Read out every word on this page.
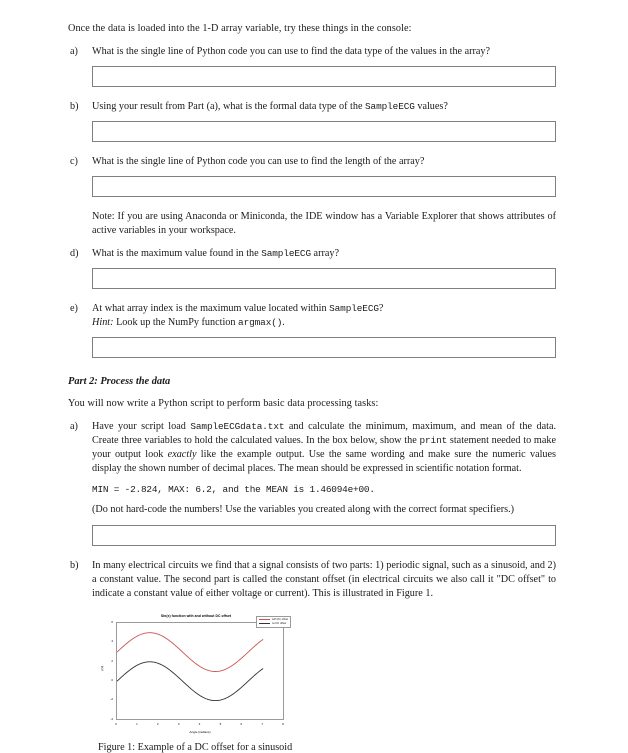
Once the data is loaded into the 1-D array variable, try these things in the console:

a)	What is the single line of Python code you can use to find the data type of the values in the array?
b)	Using your result from Part (a), what is the formal data type of the SampleECG values?
c)	What is the single line of Python code you can use to find the length of the array?

Note: If you are using Anaconda or Miniconda, the IDE window has a Variable Explorer that shows attributes of active variables in your workspace.

d)	What is the maximum value found in the SampleECG array?
e)	At what array index is the maximum value located within SampleECG?
Hint: Look up the NumPy function argmax().

Part 2: Process the data

You will now write a Python script to perform basic data processing tasks:

a)	Have your script load SampleECGdata.txt and calculate the minimum, maximum, and mean of the data. Create three variables to hold the calculated values. In the box below, show the print statement needed to make your output look exactly like the example output. Use the same wording and make sure the numeric values display the shown number of decimal places. The mean should be expressed in scientific notation format.
MIN = -2.824, MAX: 6.2, and the MEAN is 1.46094e+00.

(Do not hard-code the numbers! Use the variables you created along with the correct format specifiers.)

b)	In many electrical circuits we find that a signal consists of two parts: 1) periodic signal, such as a sinusoid, and 2) a constant value. The second part is called the constant offset (in electrical circuits we also call it "DC offset" to indicate a constant value of either voltage or current). This is illustrated in Figure 1.
Sin(x) function with and without DC offset
y(x)
Angle (radians)
with DC offset
no DC offset
0	1	2	3	4	5	6	7	8
-4
-2
0
2
4
6
Figure 1: Example of a DC offset for a sinusoid
